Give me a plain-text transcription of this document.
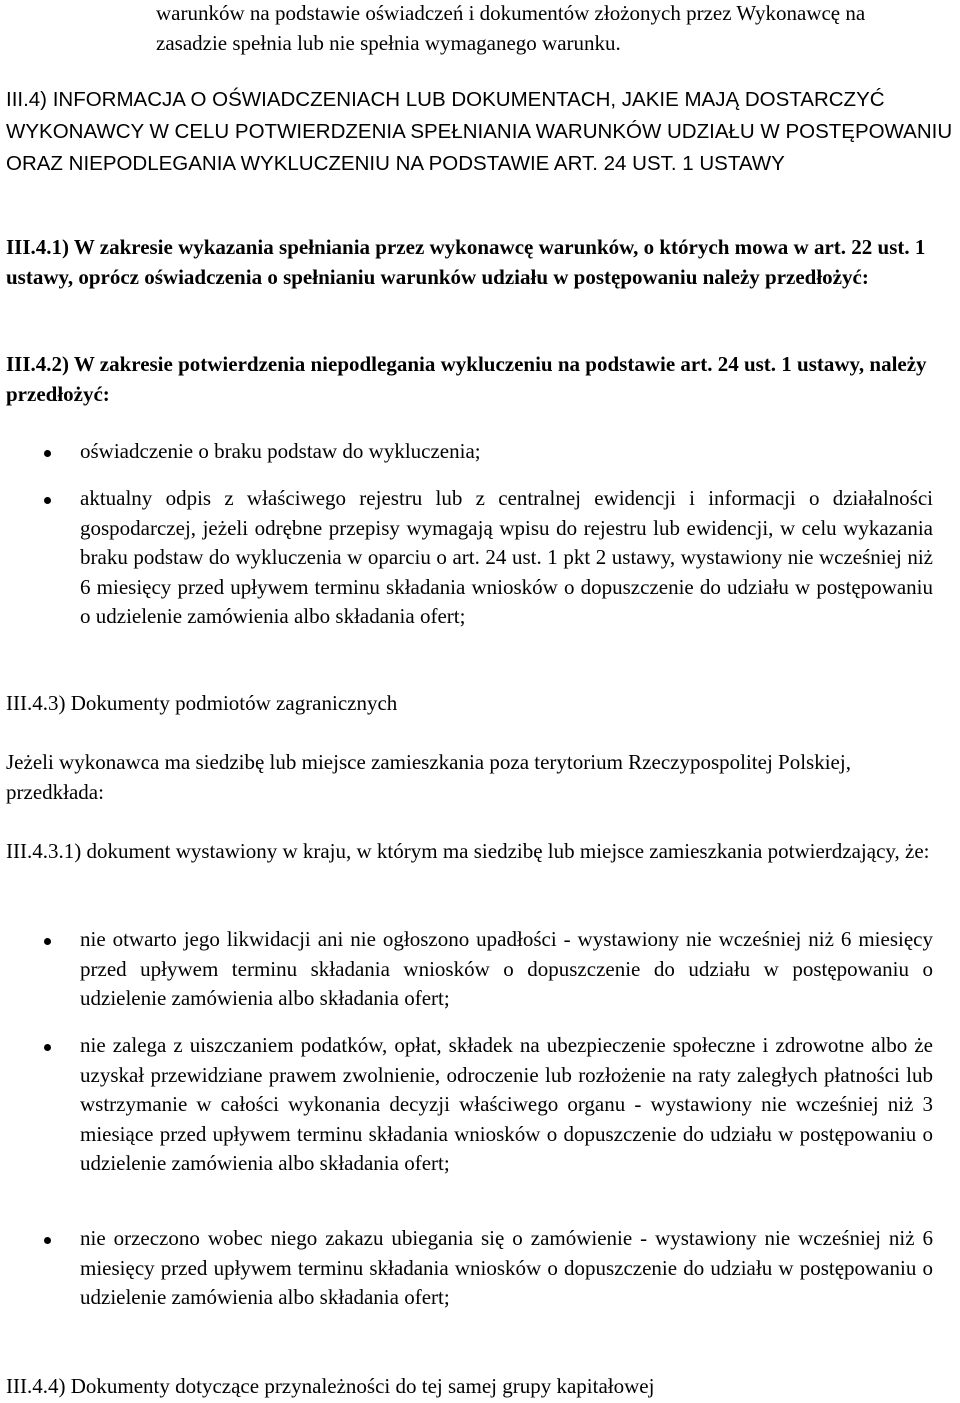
warunków na podstawie oświadczeń i dokumentów złożonych przez Wykonawcę na zasadzie spełnia lub nie spełnia wymaganego warunku.

III.4) INFORMACJA O OŚWIADCZENIACH LUB DOKUMENTACH, JAKIE MAJĄ DOSTARCZYĆ WYKONAWCY W CELU POTWIERDZENIA SPEŁNIANIA WARUNKÓW UDZIAŁU W POSTĘPOWANIU ORAZ NIEPODLEGANIA WYKLUCZENIU NA PODSTAWIE ART. 24 UST. 1 USTAWY

III.4.1) W zakresie wykazania spełniania przez wykonawcę warunków, o których mowa w art. 22 ust. 1 ustawy, oprócz oświadczenia o spełnianiu warunków udziału w postępowaniu należy przedłożyć:

III.4.2) W zakresie potwierdzenia niepodlegania wykluczeniu na podstawie art. 24 ust. 1 ustawy, należy przedłożyć:

oświadczenie o braku podstaw do wykluczenia;

aktualny odpis z właściwego rejestru lub z centralnej ewidencji i informacji o działalności gospodarczej, jeżeli odrębne przepisy wymagają wpisu do rejestru lub ewidencji, w celu wykazania braku podstaw do wykluczenia w oparciu o art. 24 ust. 1 pkt 2 ustawy, wystawiony nie wcześniej niż 6 miesięcy przed upływem terminu składania wniosków o dopuszczenie do udziału w postępowaniu o udzielenie zamówienia albo składania ofert;

III.4.3) Dokumenty podmiotów zagranicznych

Jeżeli wykonawca ma siedzibę lub miejsce zamieszkania poza terytorium Rzeczypospolitej Polskiej, przedkłada:

III.4.3.1) dokument wystawiony w kraju, w którym ma siedzibę lub miejsce zamieszkania potwierdzający, że:

nie otwarto jego likwidacji ani nie ogłoszono upadłości - wystawiony nie wcześniej niż 6 miesięcy przed upływem terminu składania wniosków o dopuszczenie do udziału w postępowaniu o udzielenie zamówienia albo składania ofert;

nie zalega z uiszczaniem podatków, opłat, składek na ubezpieczenie społeczne i zdrowotne albo że uzyskał przewidziane prawem zwolnienie, odroczenie lub rozłożenie na raty zaległych płatności lub wstrzymanie w całości wykonania decyzji właściwego organu - wystawiony nie wcześniej niż 3 miesiące przed upływem terminu składania wniosków o dopuszczenie do udziału w postępowaniu o udzielenie zamówienia albo składania ofert;

nie orzeczono wobec niego zakazu ubiegania się o zamówienie - wystawiony nie wcześniej niż 6 miesięcy przed upływem terminu składania wniosków o dopuszczenie do udziału w postępowaniu o udzielenie zamówienia albo składania ofert;

III.4.4) Dokumenty dotyczące przynależności do tej samej grupy kapitałowej
